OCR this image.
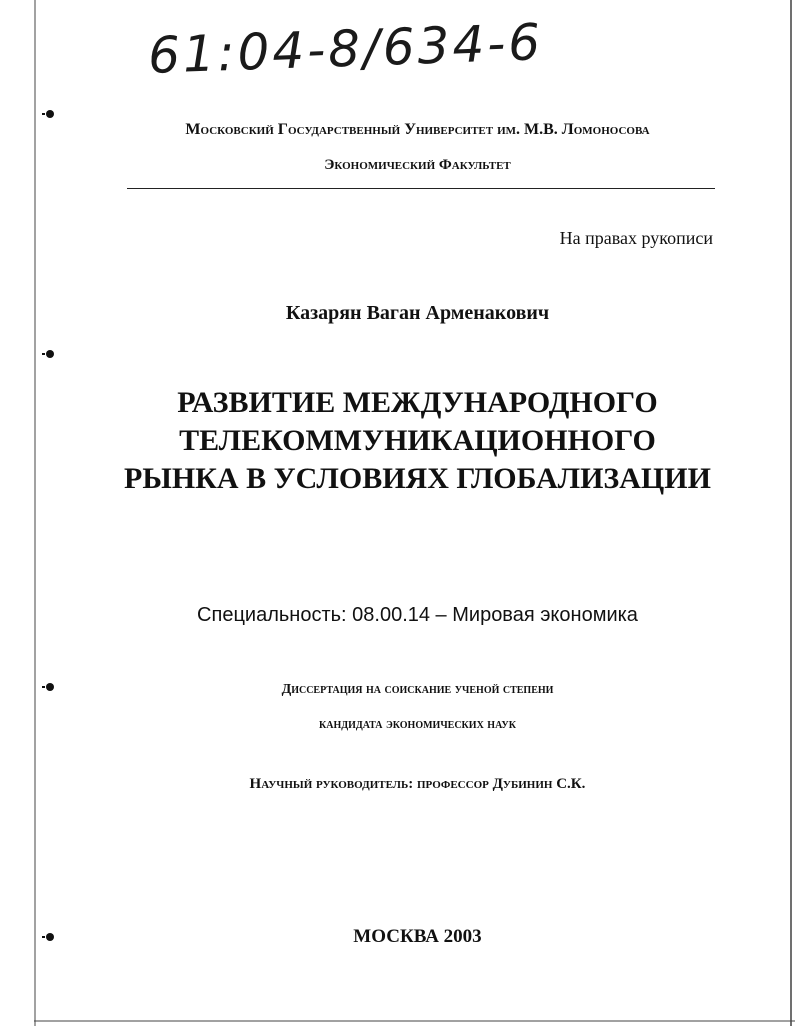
61:04-8/634-6
Московский Государственный Университет им. М.В. Ломоносова
Экономический Факультет
На правах рукописи
Казарян Ваган Арменакович
РАЗВИТИЕ МЕЖДУНАРОДНОГО
ТЕЛЕКОММУНИКАЦИОННОГО
РЫНКА В УСЛОВИЯХ ГЛОБАЛИЗАЦИИ
Специальность: 08.00.14 – Мировая экономика
Диссертация на соискание ученой степени
кандидата экономических наук
Научный руководитель: профессор Дубинин С.К.
МОСКВА 2003
